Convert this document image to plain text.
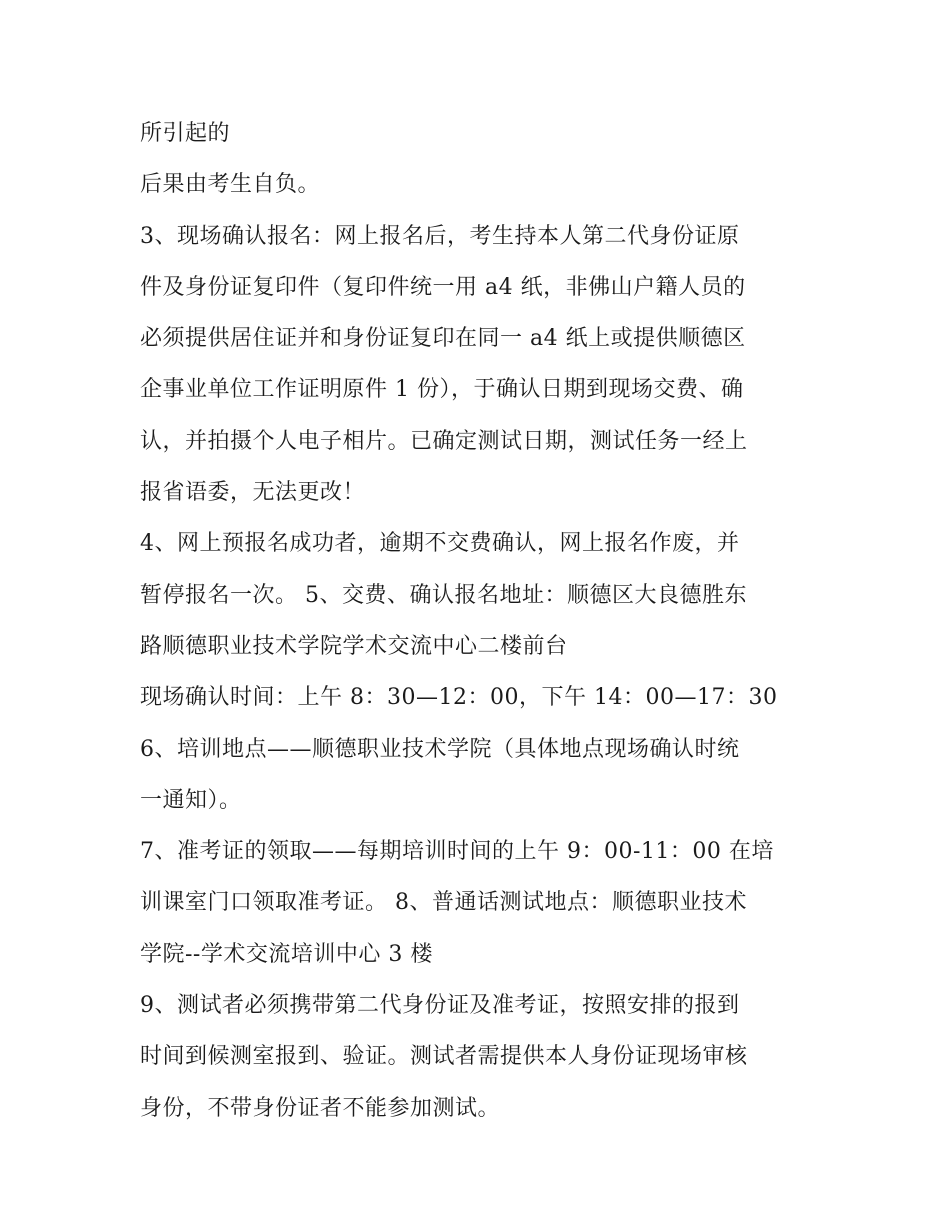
所引起的
后果由考生自负。
3、现场确认报名：网上报名后，考生持本人第二代身份证原
件及身份证复印件（复印件统一用 a4 纸，非佛山户籍人员的
必须提供居住证并和身份证复印在同一 a4 纸上或提供顺德区
企事业单位工作证明原件 1 份），于确认日期到现场交费、确
认，并拍摄个人电子相片。已确定测试日期，测试任务一经上
报省语委，无法更改！
4、网上预报名成功者，逾期不交费确认，网上报名作废，并
暂停报名一次。 5、交费、确认报名地址：顺德区大良德胜东
路顺德职业技术学院学术交流中心二楼前台
现场确认时间：上午 8：30—12：00，下午 14：00—17：30
6、培训地点——顺德职业技术学院（具体地点现场确认时统
一通知）。
7、准考证的领取——每期培训时间的上午 9：00-11：00 在培
训课室门口领取准考证。 8、普通话测试地点：顺德职业技术
学院--学术交流培训中心 3 楼
9、测试者必须携带第二代身份证及准考证，按照安排的报到
时间到候测室报到、验证。测试者需提供本人身份证现场审核
身份，不带身份证者不能参加测试。
